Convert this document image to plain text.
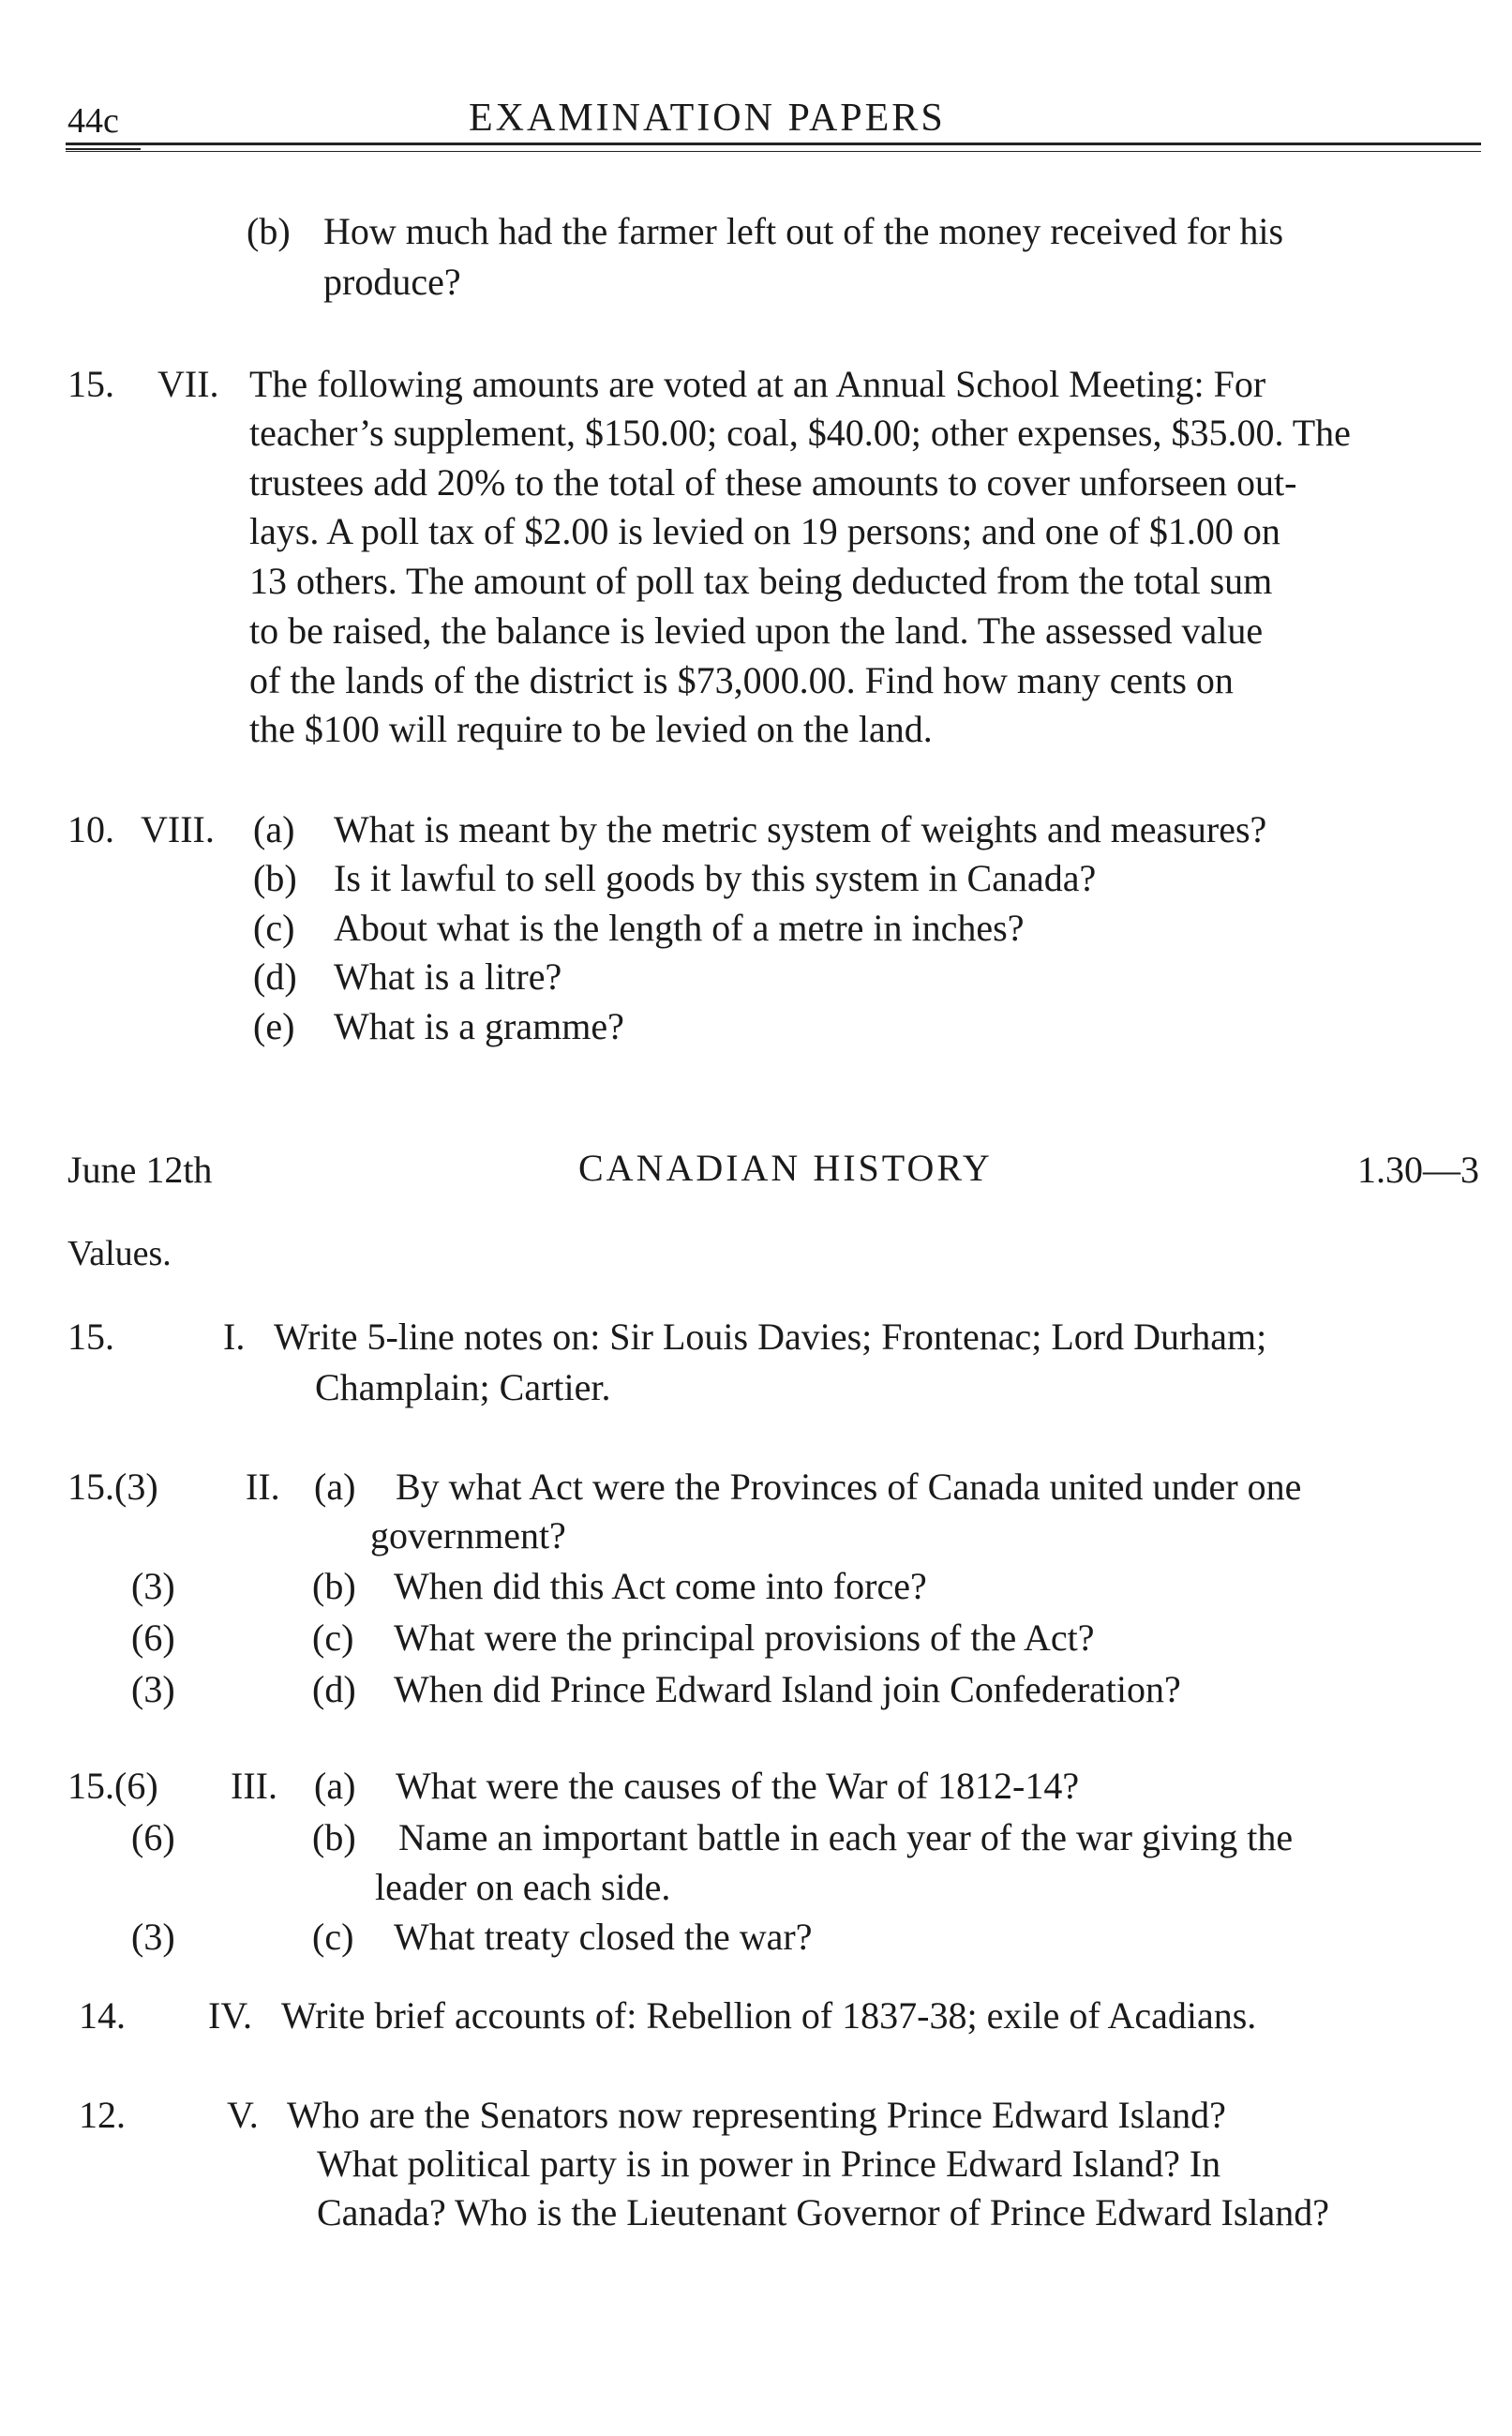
44c	EXAMINATION PAPERS
(b) How much had the farmer left out of the money received for his
produce?
15. VII. The following amounts are voted at an Annual School Meeting: For
teacher’s supplement, $150.00; coal, $40.00; other expenses, $35.00. The
trustees add 20% to the total of these amounts to cover unforseen out-
lays. A poll tax of $2.00 is levied on 19 persons; and one of $1.00 on
13 others. The amount of poll tax being deducted from the total sum
to be raised, the balance is levied upon the land. The assessed value
of the lands of the district is $73,000.00. Find how many cents on
the $100 will require to be levied on the land.
10. VIII. (a) What is meant by the metric system of weights and measures?
(b) Is it lawful to sell goods by this system in Canada?
(c) About what is the length of a metre in inches?
(d) What is a litre?
(e) What is a gramme?
June 12th	CANADIAN HISTORY	1.30—3
Values.
15.	I. Write 5-line notes on: Sir Louis Davies; Frontenac; Lord Durham;
Champlain; Cartier.
15.(3) II. (a) By what Act were the Provinces of Canada united under one
government?
(3)	(b) When did this Act come into force?
(6)	(c) What were the principal provisions of the Act?
(3)	(d) When did Prince Edward Island join Confederation?
15.(6) III. (a) What were the causes of the War of 1812-14?
(6)	(b) Name an important battle in each year of the war giving the
leader on each side.
(3)	(c) What treaty closed the war?
14. IV. Write brief accounts of: Rebellion of 1837-38; exile of Acadians.
12.	V. Who are the Senators now representing Prince Edward Island?
What political party is in power in Prince Edward Island? In
Canada? Who is the Lieutenant Governor of Prince Edward Island?
